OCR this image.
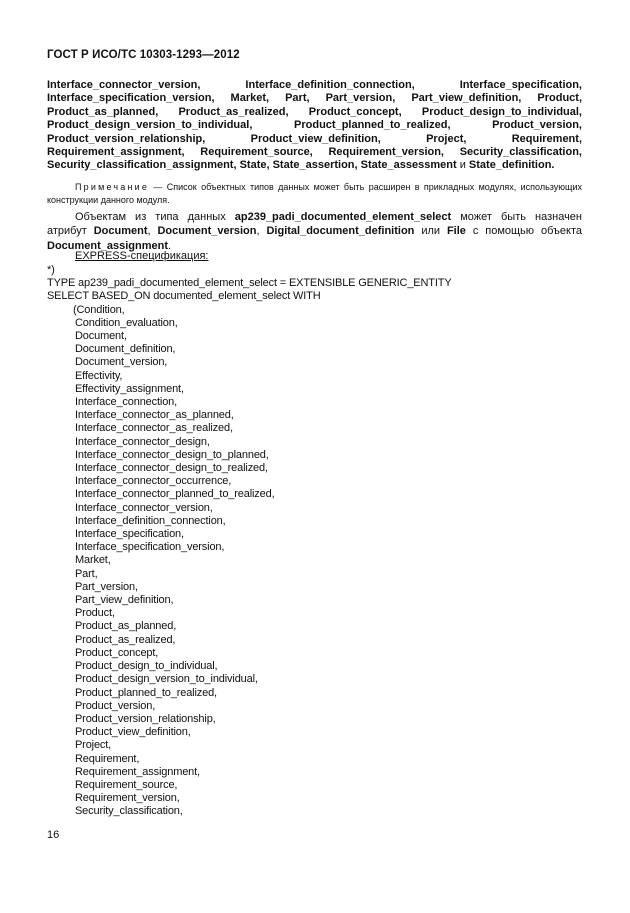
ГОСТ Р ИСО/ТС 10303-1293—2012

Interface_connector_version, Interface_definition_connection, Interface_specification, Interface_specification_version, Market, Part, Part_version, Part_view_definition, Product, Product_as_planned, Product_as_realized, Product_concept, Product_design_to_individual, Product_design_version_to_individual, Product_planned_to_realized, Product_version, Product_version_relationship, Product_view_definition, Project, Requirement, Requirement_assignment, Requirement_source, Requirement_version, Security_classification, Security_classification_assignment, State, State_assertion, State_assessment и State_definition.

Примечание — Список объектных типов данных может быть расширен в прикладных модулях, использующих конструкции данного модуля.

Объектам из типа данных ap239_padi_documented_element_select может быть назначен атрибут Document, Document_version, Digital_document_definition или File с помощью объекта Document_assignment.

EXPRESS-спецификация:
*)
TYPE ap239_padi_documented_element_select = EXTENSIBLE GENERIC_ENTITY
SELECT BASED_ON documented_element_select WITH
(Condition,
Condition_evaluation,
Document,
Document_definition,
Document_version,
Effectivity,
Effectivity_assignment,
Interface_connection,
Interface_connector_as_planned,
Interface_connector_as_realized,
Interface_connector_design,
Interface_connector_design_to_planned,
Interface_connector_design_to_realized,
Interface_connector_occurrence,
Interface_connector_planned_to_realized,
Interface_connector_version,
Interface_definition_connection,
Interface_specification,
Interface_specification_version,
Market,
Part,
Part_version,
Part_view_definition,
Product,
Product_as_planned,
Product_as_realized,
Product_concept,
Product_design_to_individual,
Product_design_version_to_individual,
Product_planned_to_realized,
Product_version,
Product_version_relationship,
Product_view_definition,
Project,
Requirement,
Requirement_assignment,
Requirement_source,
Requirement_version,
Security_classification,
16
